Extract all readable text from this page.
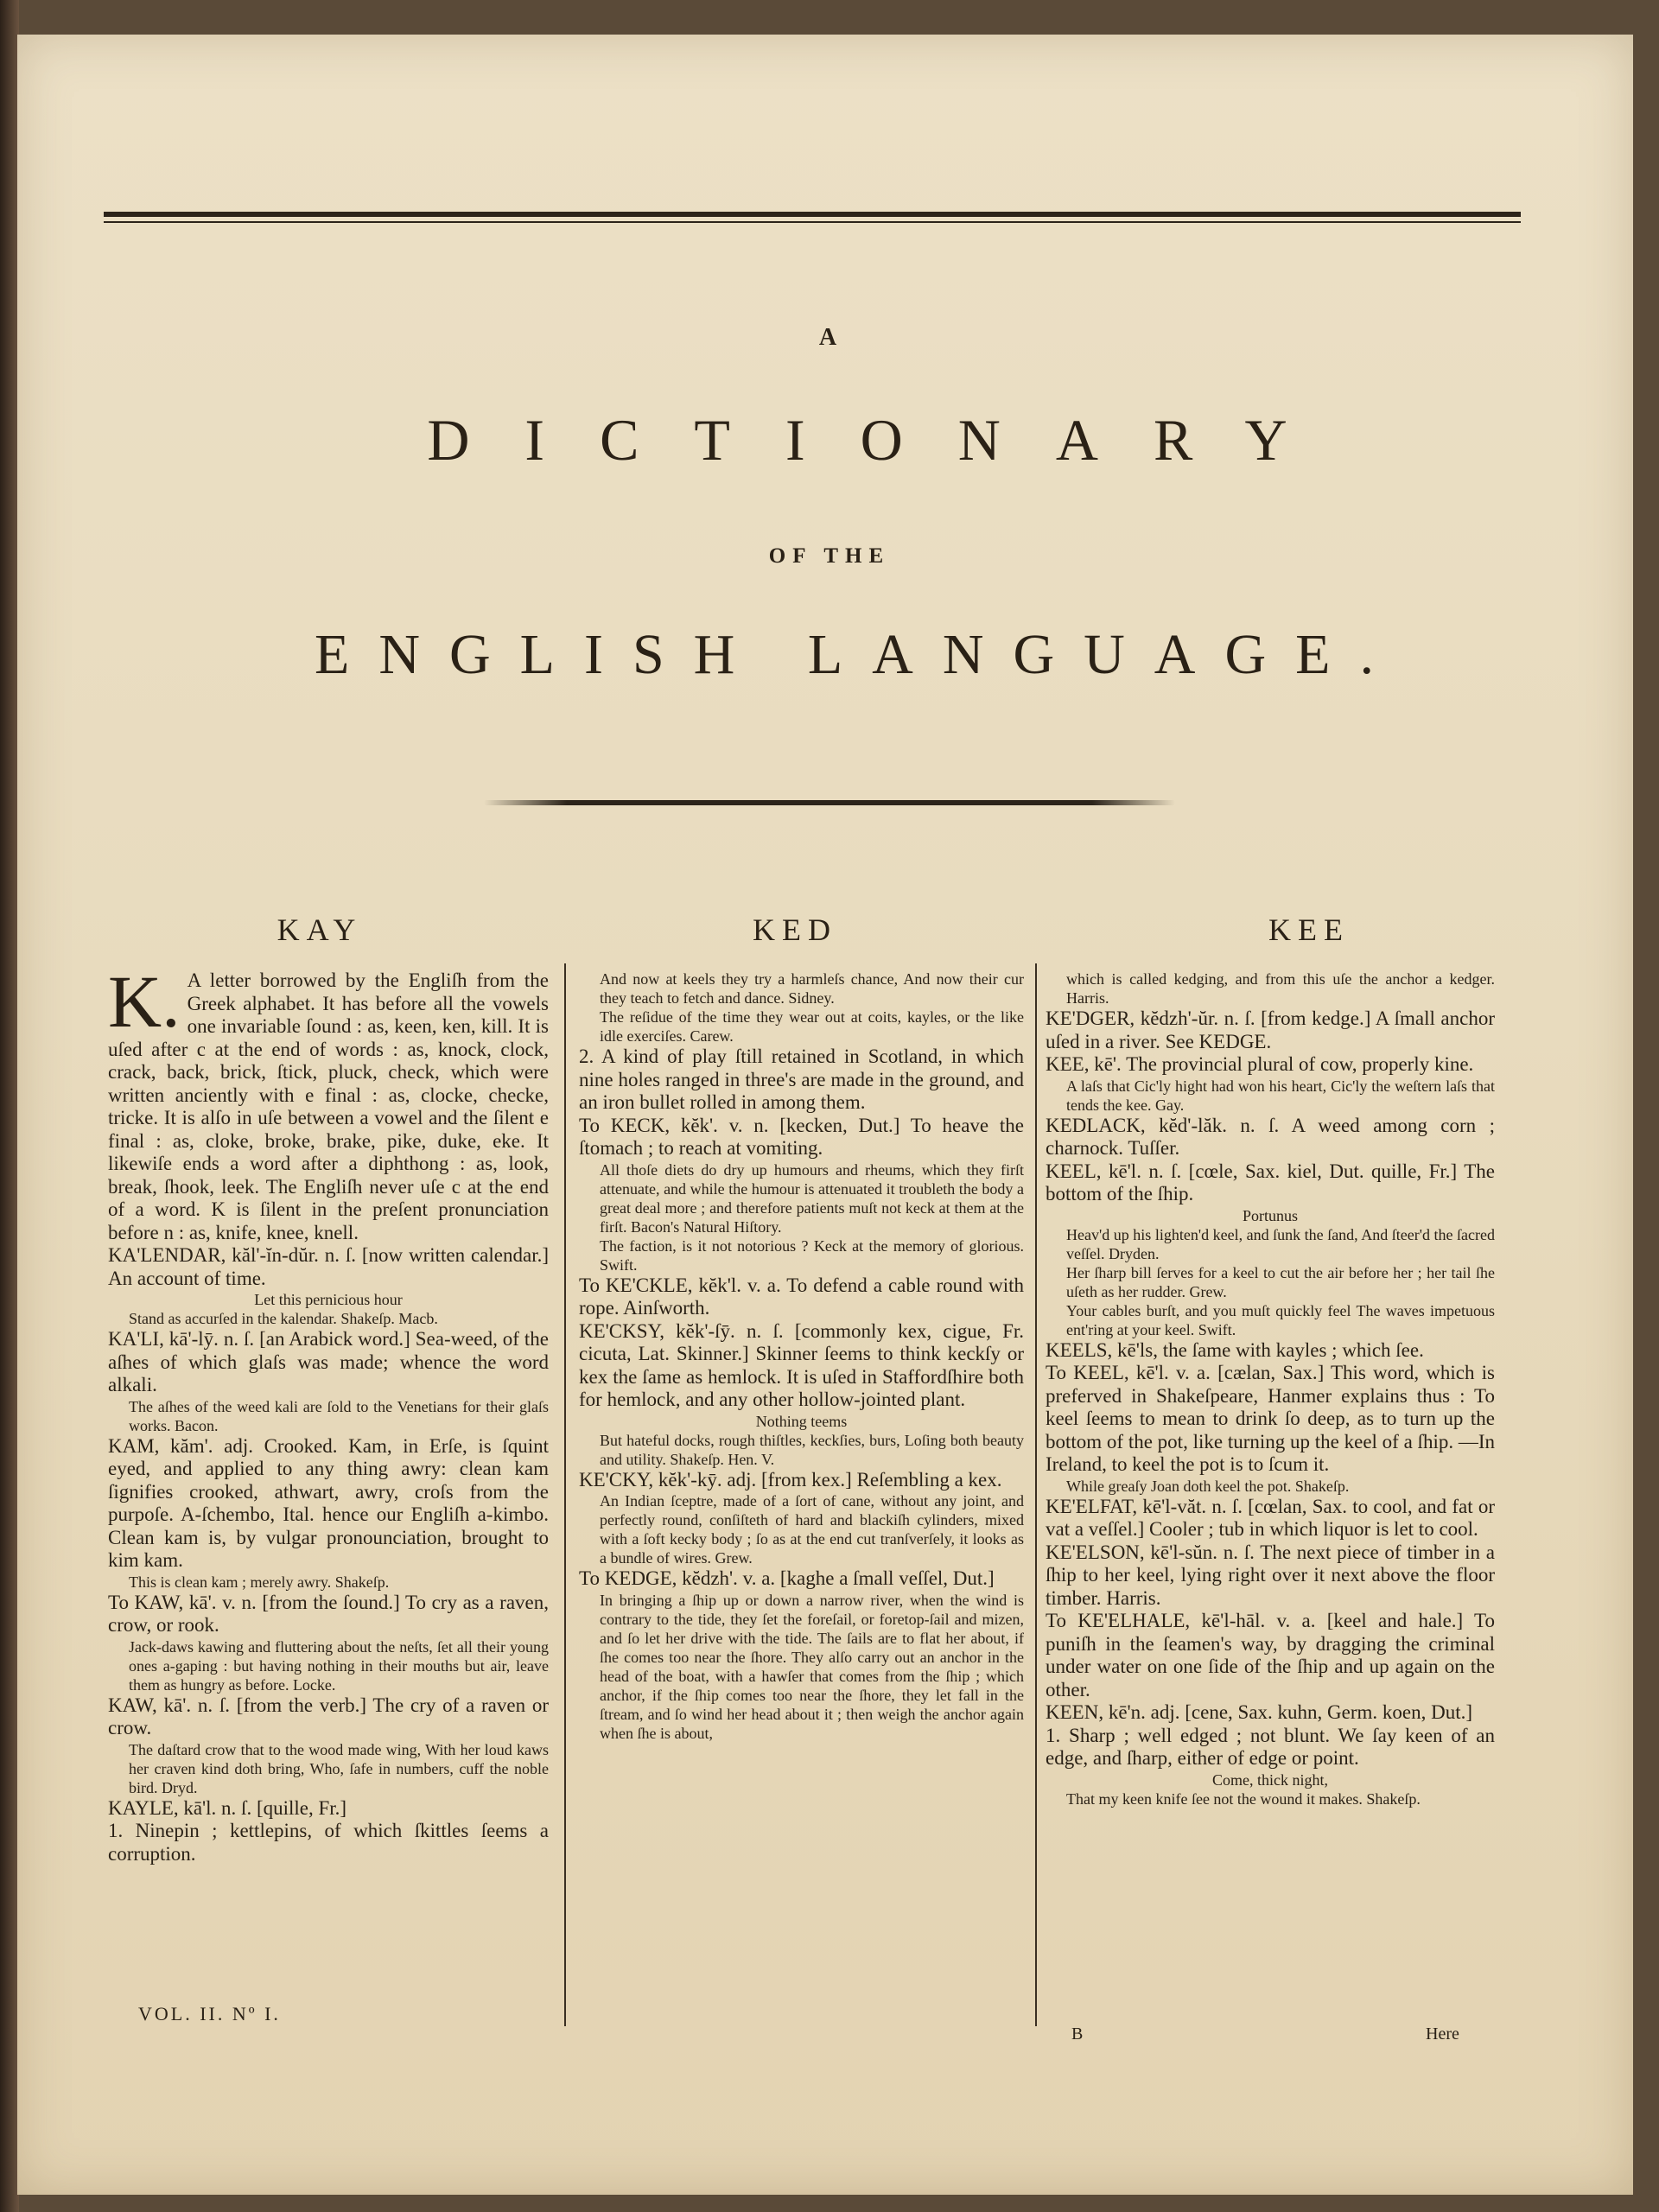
A
DICTIONARY
OF THE
ENGLISH LANGUAGE.
KAY	KED	KEE

K. A letter borrowed by the Engliſh from the Greek alphabet. It has before all the vowels one invariable ſound : as, keen, ken, kill. It is uſed after c at the end of words : as, knock, clock, crack, back, brick, ſtick, pluck, check, which were written anciently with e final : as, clocke, checke, tricke. It is alſo in uſe between a vowel and the ſilent e final : as, cloke, broke, brake, pike, duke, eke. It likewiſe ends a word after a diphthong : as, look, break, ſhook, leek. The Engliſh never uſe c at the end of a word. K is ſilent in the preſent pronunciation before n : as, knife, knee, knell.

KA'LENDAR, kăl'-ĭn-dŭr. n. ſ. [now written calendar.] An account of time.

Let this pernicious hour

Stand as accurſed in the kalendar. Shakeſp. Macb.

KA'LI, kā'-lȳ. n. ſ. [an Arabick word.] Sea-weed, of the aſhes of which glaſs was made; whence the word alkali.

The aſhes of the weed kali are ſold to the Venetians for their glaſs works. Bacon.

KAM, kăm'. adj. Crooked. Kam, in Erſe, is ſquint eyed, and applied to any thing awry: clean kam ſignifies crooked, athwart, awry, croſs from the purpoſe. A-ſchembo, Ital. hence our Engliſh a-kimbo. Clean kam is, by vulgar pronounciation, brought to kim kam.

This is clean kam ; merely awry. Shakeſp.

To KAW, kā'. v. n. [from the ſound.] To cry as a raven, crow, or rook.

Jack-daws kawing and fluttering about the neſts, ſet all their young ones a-gaping : but having nothing in their mouths but air, leave them as hungry as before. Locke.

KAW, kā'. n. ſ. [from the verb.] The cry of a raven or crow.

The daſtard crow that to the wood made wing, With her loud kaws her craven kind doth bring, Who, ſafe in numbers, cuff the noble bird. Dryd.

KAYLE, kā'l. n. ſ. [quille, Fr.]

1. Ninepin ; kettlepins, of which ſkittles ſeems a corruption.

And now at keels they try a harmleſs chance, And now their cur they teach to fetch and dance. Sidney.

The reſidue of the time they wear out at coits, kayles, or the like idle exerciſes. Carew.

2. A kind of play ſtill retained in Scotland, in which nine holes ranged in three's are made in the ground, and an iron bullet rolled in among them.

To KECK, kĕk'. v. n. [kecken, Dut.] To heave the ſtomach ; to reach at vomiting.

All thoſe diets do dry up humours and rheums, which they firſt attenuate, and while the humour is attenuated it troubleth the body a great deal more ; and therefore patients muſt not keck at them at the firſt. Bacon's Natural Hiſtory.

The faction, is it not notorious ? Keck at the memory of glorious. Swift.

To KE'CKLE, kĕk'l. v. a. To defend a cable round with rope. Ainſworth.

KE'CKSY, kĕk'-ſȳ. n. ſ. [commonly kex, cigue, Fr. cicuta, Lat. Skinner.] Skinner ſeems to think keckſy or kex the ſame as hemlock. It is uſed in Staffordſhire both for hemlock, and any other hollow-jointed plant.

Nothing teems

But hateful docks, rough thiſtles, keckſies, burs, Loſing both beauty and utility. Shakeſp. Hen. V.

KE'CKY, kĕk'-kȳ. adj. [from kex.] Reſembling a kex.

An Indian ſceptre, made of a ſort of cane, without any joint, and perfectly round, conſiſteth of hard and blackiſh cylinders, mixed with a ſoft kecky body ; ſo as at the end cut tranſverſely, it looks as a bundle of wires. Grew.

To KEDGE, kĕdzh'. v. a. [kaghe a ſmall veſſel, Dut.]

In bringing a ſhip up or down a narrow river, when the wind is contrary to the tide, they ſet the foreſail, or foretop-ſail and mizen, and ſo let her drive with the tide. The ſails are to flat her about, if ſhe comes too near the ſhore. They alſo carry out an anchor in the head of the boat, with a hawſer that comes from the ſhip ; which anchor, if the ſhip comes too near the ſhore, they let fall in the ſtream, and ſo wind her head about it ; then weigh the anchor again when ſhe is about,

which is called kedging, and from this uſe the anchor a kedger. Harris.

KE'DGER, kĕdzh'-ŭr. n. ſ. [from kedge.] A ſmall anchor uſed in a river. See KEDGE.

KEE, kē'. The provincial plural of cow, properly kine.

A laſs that Cic'ly hight had won his heart, Cic'ly the weſtern laſs that tends the kee. Gay.

KEDLACK, kĕd'-lăk. n. ſ. A weed among corn ; charnock. Tuſſer.

KEEL, kē'l. n. ſ. [cœle, Sax. kiel, Dut. quille, Fr.] The bottom of the ſhip.

Portunus

Heav'd up his lighten'd keel, and ſunk the ſand, And ſteer'd the ſacred veſſel. Dryden.

Her ſharp bill ſerves for a keel to cut the air before her ; her tail ſhe uſeth as her rudder. Grew.

Your cables burſt, and you muſt quickly feel The waves impetuous ent'ring at your keel. Swift.

KEELS, kē'ls, the ſame with kayles ; which ſee.

To KEEL, kē'l. v. a. [cælan, Sax.] This word, which is preferved in Shakeſpeare, Hanmer explains thus : To keel ſeems to mean to drink ſo deep, as to turn up the bottom of the pot, like turning up the keel of a ſhip. —In Ireland, to keel the pot is to ſcum it.

While greaſy Joan doth keel the pot. Shakeſp.

KE'ELFAT, kē'l-văt. n. ſ. [cœlan, Sax. to cool, and fat or vat a veſſel.] Cooler ; tub in which liquor is let to cool.

KE'ELSON, kē'l-sŭn. n. ſ. The next piece of timber in a ſhip to her keel, lying right over it next above the floor timber. Harris.

To KE'ELHALE, kē'l-hāl. v. a. [keel and hale.] To puniſh in the ſeamen's way, by dragging the criminal under water on one ſide of the ſhip and up again on the other.

KEEN, kē'n. adj. [cene, Sax. kuhn, Germ. koen, Dut.]

1. Sharp ; well edged ; not blunt. We ſay keen of an edge, and ſharp, either of edge or point.

Come, thick night,

That my keen knife ſee not the wound it makes. Shakeſp.

VOL. II. Nº I.
B	Here
